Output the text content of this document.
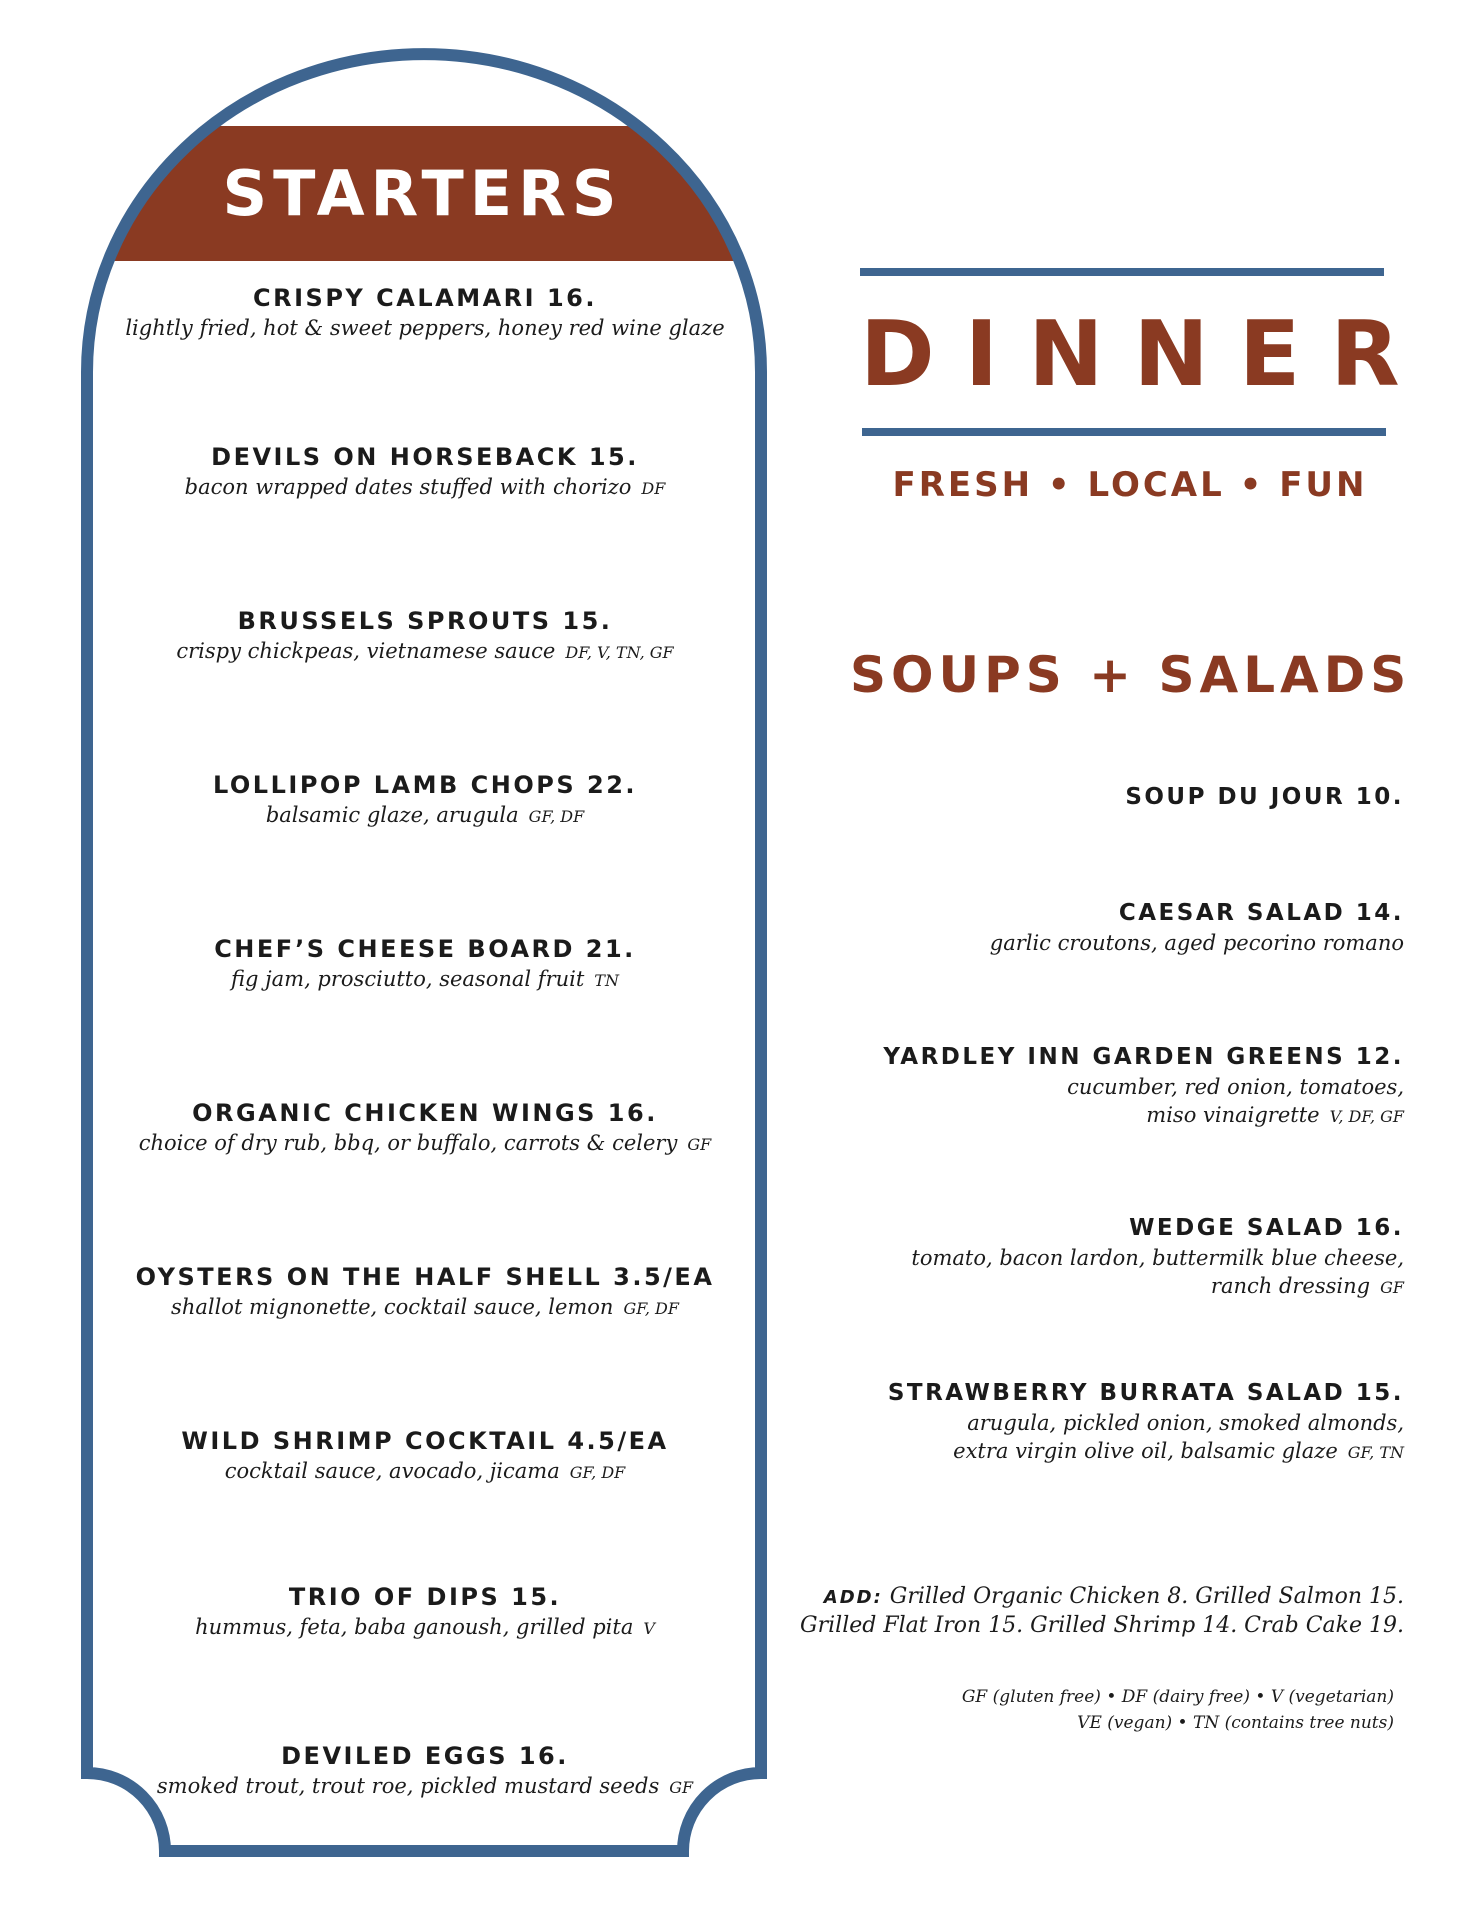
STARTERS
CRISPY CALAMARI 16.
lightly fried, hot & sweet peppers, honey red wine glaze
DEVILS ON HORSEBACK 15.
bacon wrapped dates stuffed with chorizo DF
BRUSSELS SPROUTS 15.
crispy chickpeas, vietnamese sauce DF, V, TN, GF
LOLLIPOP LAMB CHOPS 22.
balsamic glaze, arugula GF, DF
CHEF’S CHEESE BOARD 21.
fig jam, prosciutto, seasonal fruit TN
ORGANIC CHICKEN WINGS 16.
choice of dry rub, bbq, or buffalo, carrots & celery GF
OYSTERS ON THE HALF SHELL 3.5/EA
shallot mignonette, cocktail sauce, lemon GF, DF
WILD SHRIMP COCKTAIL 4.5/EA
cocktail sauce, avocado, jicama GF, DF
TRIO OF DIPS 15.
hummus, feta, baba ganoush, grilled pita V
DEVILED EGGS 16.
smoked trout, trout roe, pickled mustard seeds GF
DINNER
FRESH • LOCAL • FUN
SOUPS + SALADS
SOUP DU JOUR 10.
CAESAR SALAD 14.
garlic croutons, aged pecorino romano
YARDLEY INN GARDEN GREENS 12.
cucumber, red onion, tomatoes,
miso vinaigrette V, DF, GF
WEDGE SALAD 16.
tomato, bacon lardon, buttermilk blue cheese,
ranch dressing GF
STRAWBERRY BURRATA SALAD 15.
arugula, pickled onion, smoked almonds,
extra virgin olive oil, balsamic glaze GF, TN
ADD: Grilled Organic Chicken 8. Grilled Salmon 15.
Grilled Flat Iron 15. Grilled Shrimp 14. Crab Cake 19.
GF (gluten free) • DF (dairy free) • V (vegetarian)
VE (vegan) • TN (contains tree nuts)
